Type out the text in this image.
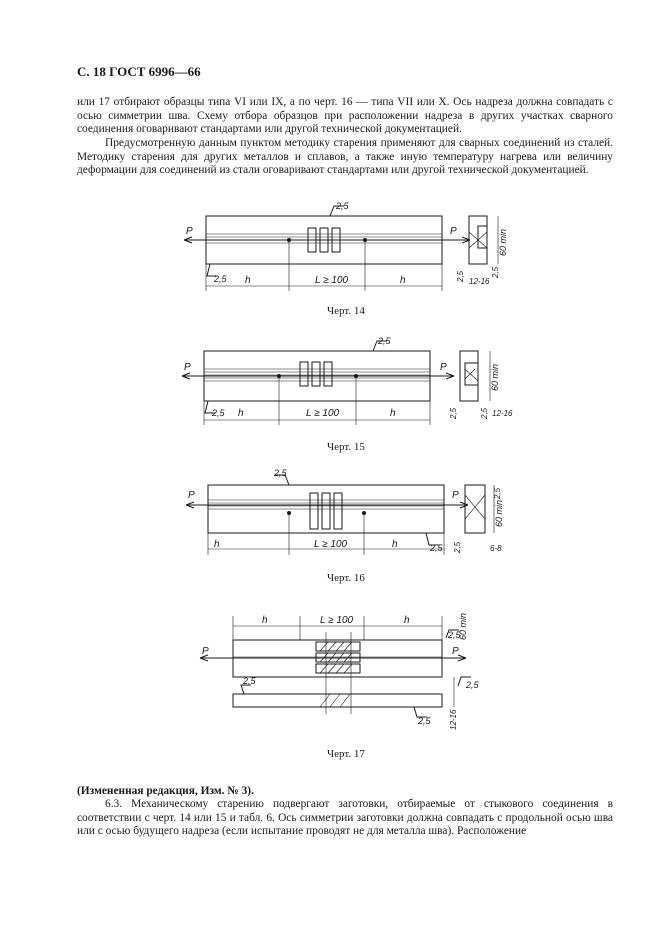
С. 18 ГОСТ 6996—66
или 17 отбирают образцы типа VI или IX, а по черт. 16 — типа VII или X. Ось надреза должна совпадать с осью симметрии шва. Схему отбора образцов при расположении надреза в других участках сварного соединения оговаривают стандартами или другой технической документацией.
Предусмотренную данным пунктом методику старения применяют для сварных соединений из сталей. Методику старения для других металлов и сплавов, а также иную температуру нагрева или величину деформации для соединений из стали оговаривают стандартами или другой технической документацией.
P	P
2,5
2,5 h	L ≥ 100	h
60 min
2,5	2,5
12-16
Черт. 14
P	P
2,5
2,5 h	L ≥ 100	h
60 min
2,5	2,5 12-16
Черт. 15
P	P
2,5
2,5
h	L ≥ 100	h
60 min
2,5
2,5
6-8
Черт. 16
h	L ≥ 100	h
P	P
2,5
2,5
2,5
2,5
60 min
12-16
Черт. 17
(Измененная редакция, Изм. № 3).
6.3. Механическому старению подвергают заготовки, отбираемые от стыкового соединения в соответствии с черт. 14 или 15 и табл. 6. Ось симметрии заготовки должна совпадать с продольной осью шва или с осью будущего надреза (если испытание проводят не для металла шва). Расположение
